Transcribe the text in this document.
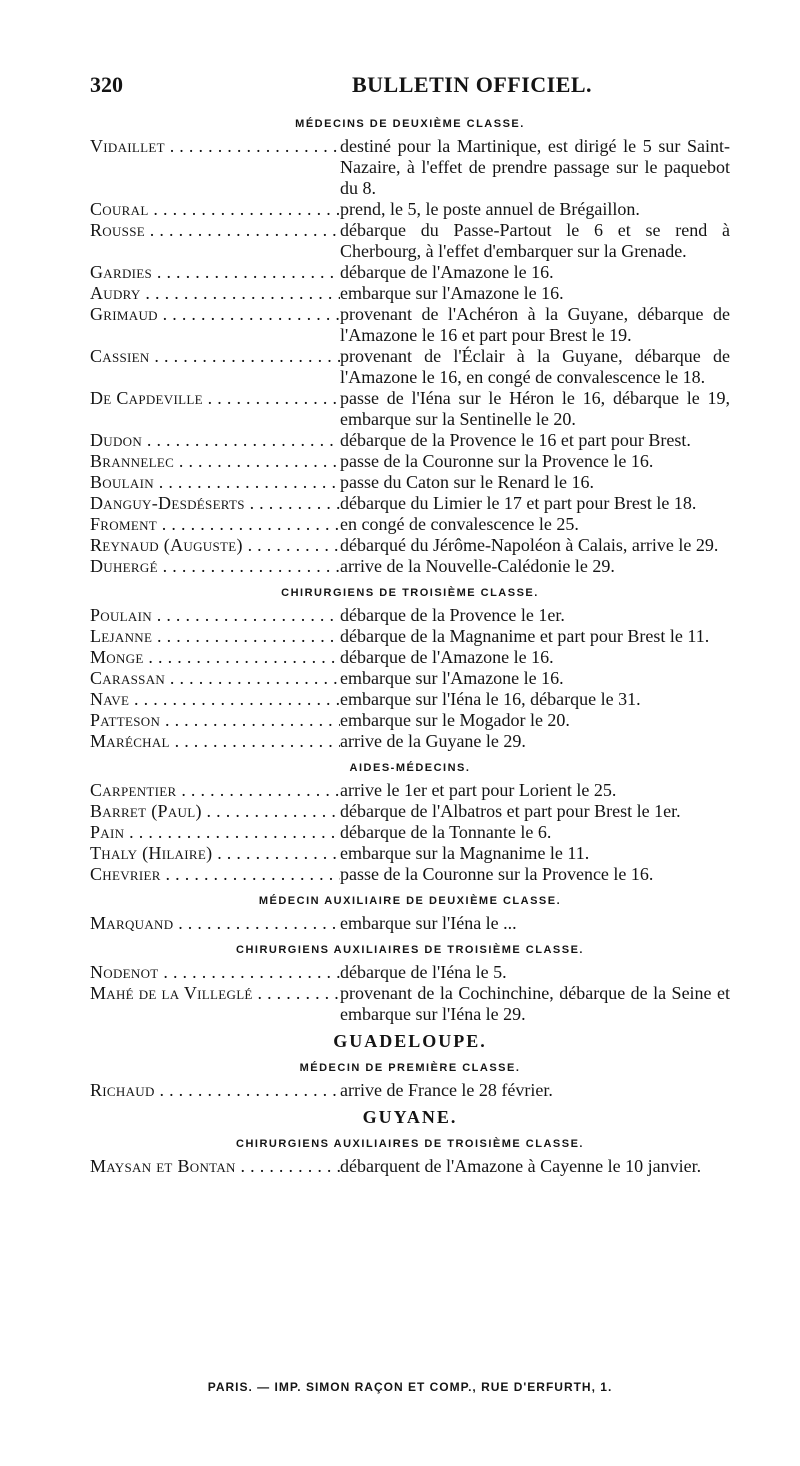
320	BULLETIN OFFICIEL.
MÉDECINS DE DEUXIÈME CLASSE.
Vidaillet . . .	destiné pour la Martinique, est dirigé le 5 sur Saint-Nazaire, à l'effet de prendre passage sur le paquebot du 8.
Coural . . .	prend, le 5, le poste annuel de Brégaillon.
Rousse . . .	débarque du Passe-Partout le 6 et se rend à Cherbourg, à l'effet d'embarquer sur la Grenade.
Gardies . . .	débarque de l'Amazone le 16.
Audry . . .	embarque sur l'Amazone le 16.
Grimaud . . .	provenant de l'Achéron à la Guyane, débarque de l'Amazone le 16 et part pour Brest le 19.
Cassien . . .	provenant de l'Éclair à la Guyane, débarque de l'Amazone le 16, en congé de convalescence le 18.
De Capdeville . . .	passe de l'Iéna sur le Héron le 16, débarque le 19, embarque sur la Sentinelle le 20.
Dudon . . .	débarque de la Provence le 16 et part pour Brest.
Brannelec . . .	passe de la Couronne sur la Provence le 16.
Boulain . . .	passe du Caton sur le Renard le 16.
Danguy-Desdéserts . . .	débarque du Limier le 17 et part pour Brest le 18.
Froment . . .	en congé de convalescence le 25.
Reynaud (Auguste) . . .	débarqué du Jérôme-Napoléon à Calais, arrive le 29.
Duhergé . . .	arrive de la Nouvelle-Calédonie le 29.
CHIRURGIENS DE TROISIÈME CLASSE.
Poulain . . .	débarque de la Provence le 1er.
Lejanne . . .	débarque de la Magnanime et part pour Brest le 11.
Monge . . .	débarque de l'Amazone le 16.
Carassan . . .	embarque sur l'Amazone le 16.
Nave . . .	embarque sur l'Iéna le 16, débarque le 31.
Patteson . . .	embarque sur le Mogador le 20.
Maréchal . . .	arrive de la Guyane le 29.
AIDES-MÉDECINS.
Carpentier . . .	arrive le 1er et part pour Lorient le 25.
Barret (Paul) . . .	débarque de l'Albatros et part pour Brest le 1er.
Pain . . .	débarque de la Tonnante le 6.
Thaly (Hilaire) . . .	embarque sur la Magnanime le 11.
Chevrier . . .	passe de la Couronne sur la Provence le 16.
MÉDECIN AUXILIAIRE DE DEUXIÈME CLASSE.
Marquand . . .	embarque sur l'Iéna le ...
CHIRURGIENS AUXILIAIRES DE TROISIÈME CLASSE.
Nodenot . . .	débarque de l'Iéna le 5.
Mahé de la Villeglé . . .	provenant de la Cochinchine, débarque de la Seine et embarque sur l'Iéna le 29.
GUADELOUPE.
MÉDECIN DE PREMIÈRE CLASSE.
Richaud . . .	arrive de France le 28 février.
GUYANE.
CHIRURGIENS AUXILIAIRES DE TROISIÈME CLASSE.
Maysan et Bontan . . .	débarquent de l'Amazone à Cayenne le 10 janvier.
PARIS. — IMP. SIMON RAÇON ET COMP., RUE D'ERFURTH, 1.
